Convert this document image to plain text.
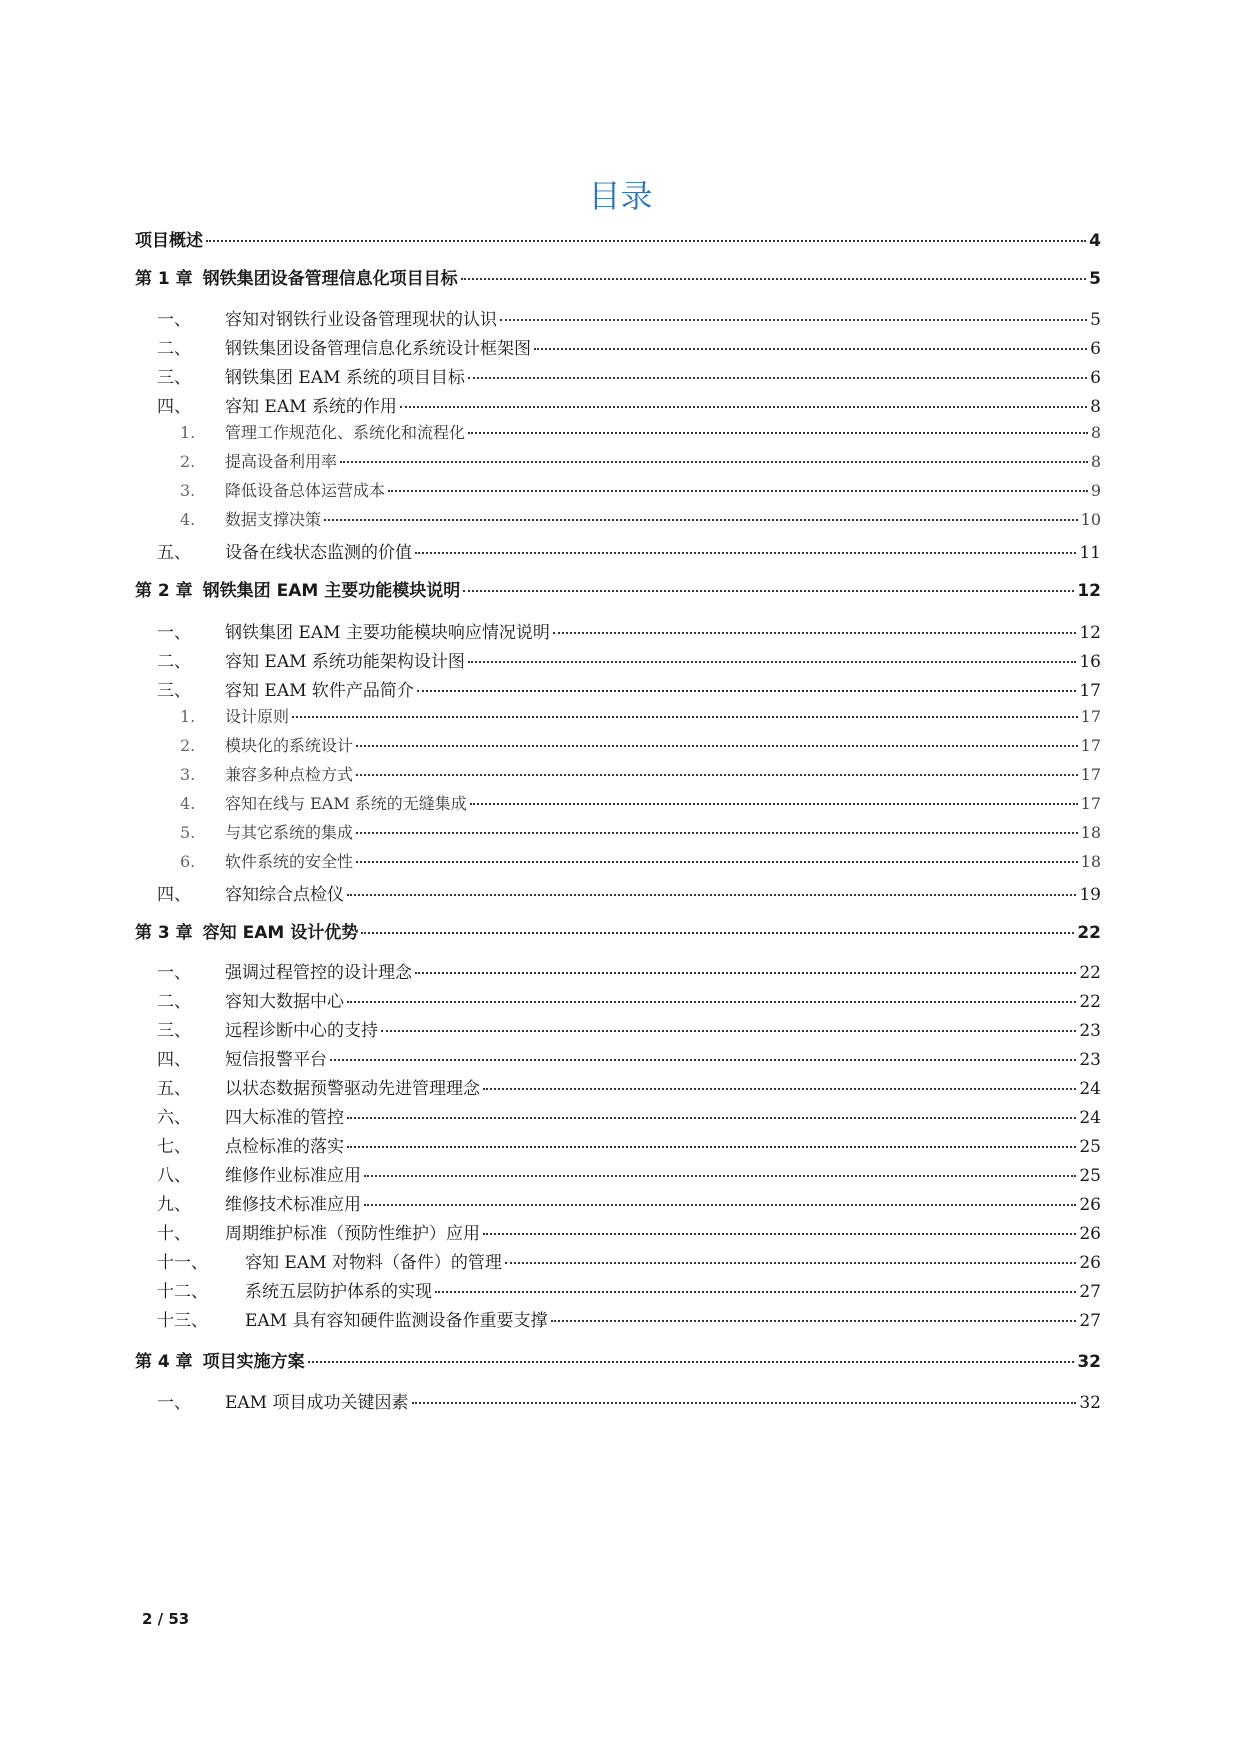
目录
项目概述	4
第 1 章 钢铁集团设备管理信息化项目目标	5
一、	容知对钢铁行业设备管理现状的认识	5
二、	钢铁集团设备管理信息化系统设计框架图	6
三、	钢铁集团 EAM 系统的项目目标	6
四、	容知 EAM 系统的作用	8
1.	管理工作规范化、系统化和流程化	8
2.	提高设备利用率	8
3.	降低设备总体运营成本	9
4.	数据支撑决策	10
五、	设备在线状态监测的价值	11
第 2 章 钢铁集团 EAM 主要功能模块说明	12
一、	钢铁集团 EAM 主要功能模块响应情况说明	12
二、	容知 EAM 系统功能架构设计图	16
三、	容知 EAM 软件产品简介	17
1.	设计原则	17
2.	模块化的系统设计	17
3.	兼容多种点检方式	17
4.	容知在线与 EAM 系统的无缝集成	17
5.	与其它系统的集成	18
6.	软件系统的安全性	18
四、	容知综合点检仪	19
第 3 章 容知 EAM 设计优势	22
一、	强调过程管控的设计理念	22
二、	容知大数据中心	22
三、	远程诊断中心的支持	23
四、	短信报警平台	23
五、	以状态数据预警驱动先进管理理念	24
六、	四大标准的管控	24
七、	点检标准的落实	25
八、	维修作业标准应用	25
九、	维修技术标准应用	26
十、	周期维护标准（预防性维护）应用	26
十一、	容知 EAM 对物料（备件）的管理	26
十二、	系统五层防护体系的实现	27
十三、	EAM 具有容知硬件监测设备作重要支撑	27
第 4 章 项目实施方案	32
一、	EAM 项目成功关键因素	32
2 / 53
